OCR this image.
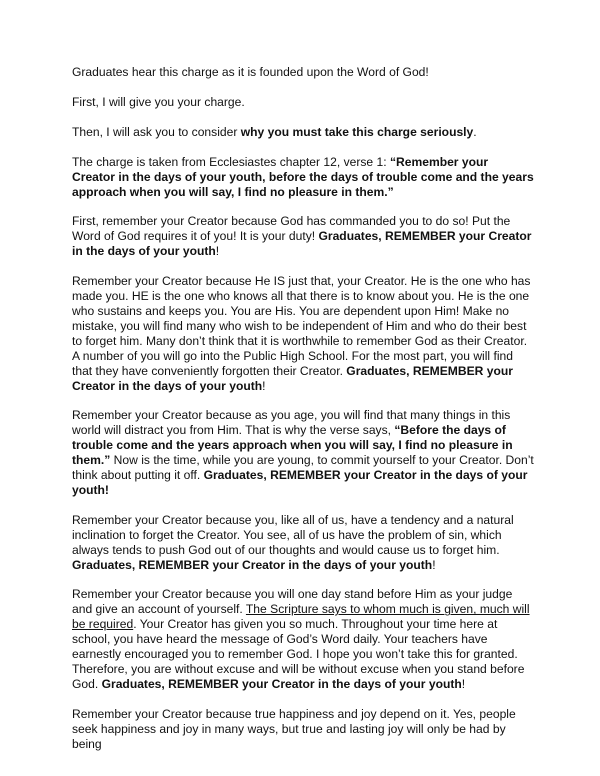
Graduates hear this charge as it is founded upon the Word of God!

First, I will give you your charge.

Then, I will ask you to consider why you must take this charge seriously.

The charge is taken from Ecclesiastes chapter 12, verse 1: “Remember your Creator in the days of your youth, before the days of trouble come and the years approach when you will say, I find no pleasure in them.”

First, remember your Creator because God has commanded you to do so! Put the Word of God requires it of you! It is your duty! Graduates, REMEMBER your Creator in the days of your youth!

Remember your Creator because He IS just that, your Creator. He is the one who has made you. HE is the one who knows all that there is to know about you. He is the one who sustains and keeps you. You are His. You are dependent upon Him! Make no mistake, you will find many who wish to be independent of Him and who do their best to forget him. Many don’t think that it is worthwhile to remember God as their Creator. A number of you will go into the Public High School. For the most part, you will find that they have conveniently forgotten their Creator. Graduates, REMEMBER your Creator in the days of your youth!

Remember your Creator because as you age, you will find that many things in this world will distract you from Him. That is why the verse says, “Before the days of trouble come and the years approach when you will say, I find no pleasure in them.” Now is the time, while you are young, to commit yourself to your Creator. Don’t think about putting it off. Graduates, REMEMBER your Creator in the days of your youth!

Remember your Creator because you, like all of us, have a tendency and a natural inclination to forget the Creator. You see, all of us have the problem of sin, which always tends to push God out of our thoughts and would cause us to forget him. Graduates, REMEMBER your Creator in the days of your youth!

Remember your Creator because you will one day stand before Him as your judge and give an account of yourself. The Scripture says to whom much is given, much will be required. Your Creator has given you so much. Throughout your time here at school, you have heard the message of God’s Word daily. Your teachers have earnestly encouraged you to remember God. I hope you won’t take this for granted. Therefore, you are without excuse and will be without excuse when you stand before God. Graduates, REMEMBER your Creator in the days of your youth!

Remember your Creator because true happiness and joy depend on it. Yes, people seek happiness and joy in many ways, but true and lasting joy will only be had by being
